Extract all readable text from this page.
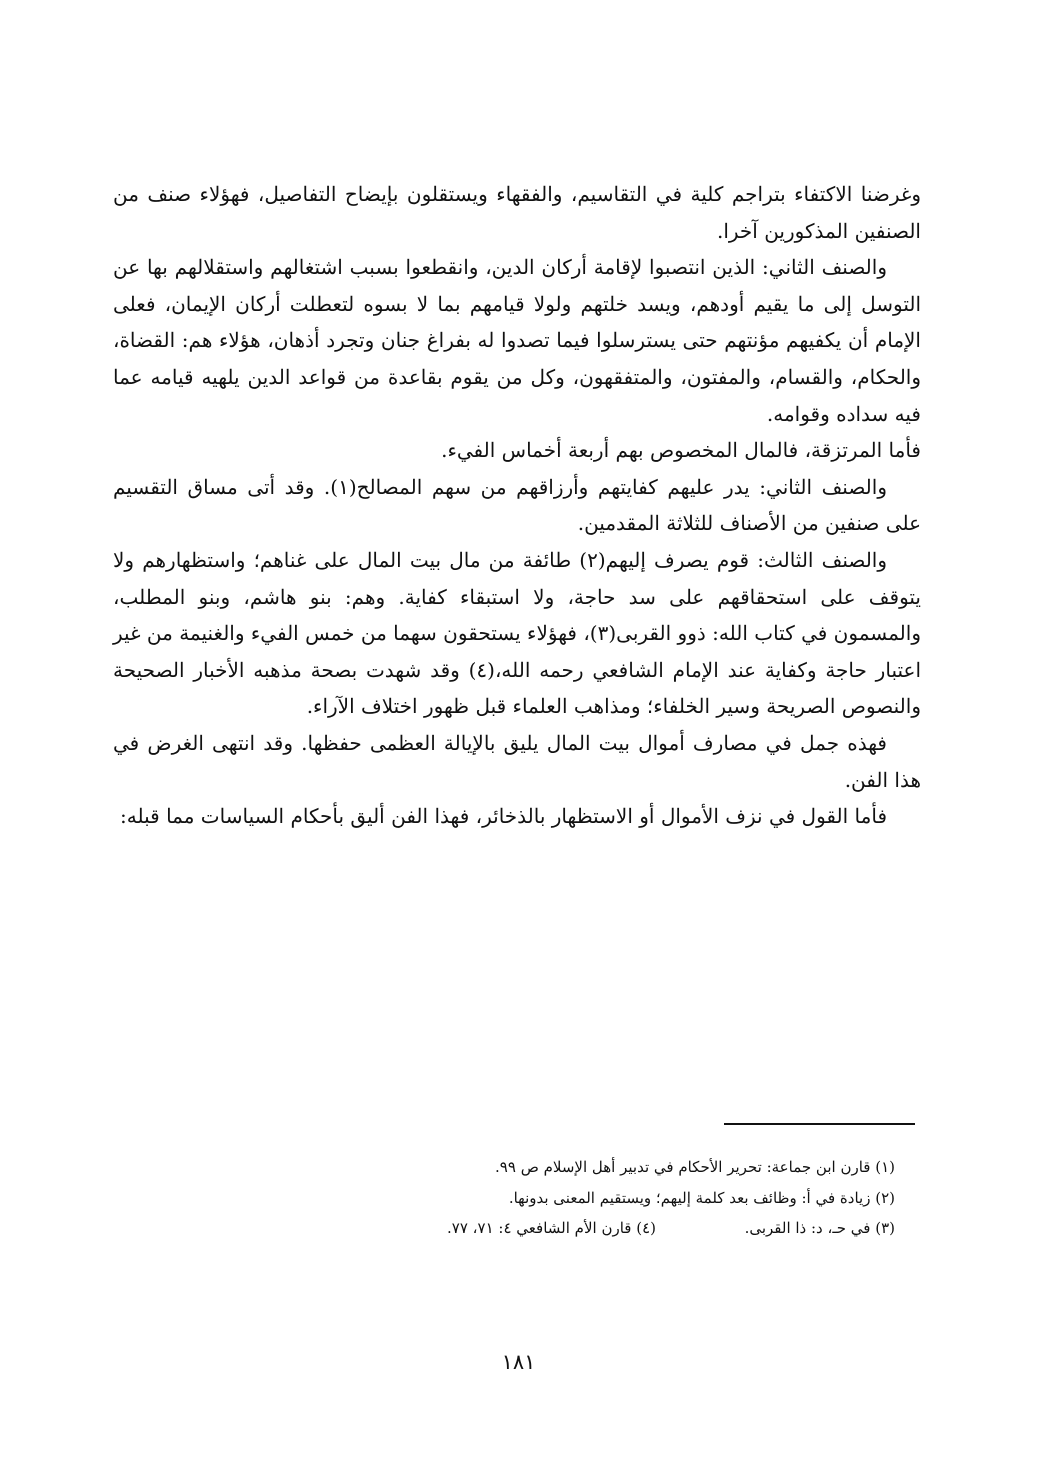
وغرضنا الاكتفاء بتراجم كلية في التقاسيم، والفقهاء ويستقلون بإيضاح التفاصيل، فهؤلاء صنف من الصنفين المذكورين آخرا.

والصنف الثاني: الذين انتصبوا لإقامة أركان الدين، وانقطعوا بسبب اشتغالهم واستقلالهم بها عن التوسل إلى ما يقيم أودهم، ويسد خلتهم ولولا قيامهم بما لا بسوه لتعطلت أركان الإيمان، فعلى الإمام أن يكفيهم مؤنتهم حتى يسترسلوا فيما تصدوا له بفراغ جنان وتجرد أذهان، هؤلاء هم: القضاة، والحكام، والقسام، والمفتون، والمتفقهون، وكل من يقوم بقاعدة من قواعد الدين يلهيه قيامه عما فيه سداده وقوامه.

فأما المرتزقة، فالمال المخصوص بهم أربعة أخماس الفيء.

والصنف الثاني: يدر عليهم كفايتهم وأرزاقهم من سهم المصالح(١). وقد أتى مساق التقسيم على صنفين من الأصناف للثلاثة المقدمين.

والصنف الثالث: قوم يصرف إليهم(٢) طائفة من مال بيت المال على غناهم؛ واستظهارهم ولا يتوقف على استحقاقهم على سد حاجة، ولا استبقاء كفاية. وهم: بنو هاشم، وبنو المطلب، والمسمون في كتاب الله: ذوو القربى(٣)، فهؤلاء يستحقون سهما من خمس الفيء والغنيمة من غير اعتبار حاجة وكفاية عند الإمام الشافعي رحمه الله،(٤) وقد شهدت بصحة مذهبه الأخبار الصحيحة والنصوص الصريحة وسير الخلفاء؛ ومذاهب العلماء قبل ظهور اختلاف الآراء.

فهذه جمل في مصارف أموال بيت المال يليق بالإيالة العظمى حفظها. وقد انتهى الغرض في هذا الفن.

فأما القول في نزف الأموال أو الاستظهار بالذخائر، فهذا الفن أليق بأحكام السياسات مما قبله:

(١) قارن ابن جماعة: تحرير الأحكام في تدبير أهل الإسلام ص ٩٩.

(٢) زيادة في أ: وظائف بعد كلمة إليهم؛ ويستقيم المعنى بدونها.

(٣) في حـ، د: ذا القربى.

(٤) قارن الأم الشافعي ٤: ٧١، ٧٧.

١٨١
